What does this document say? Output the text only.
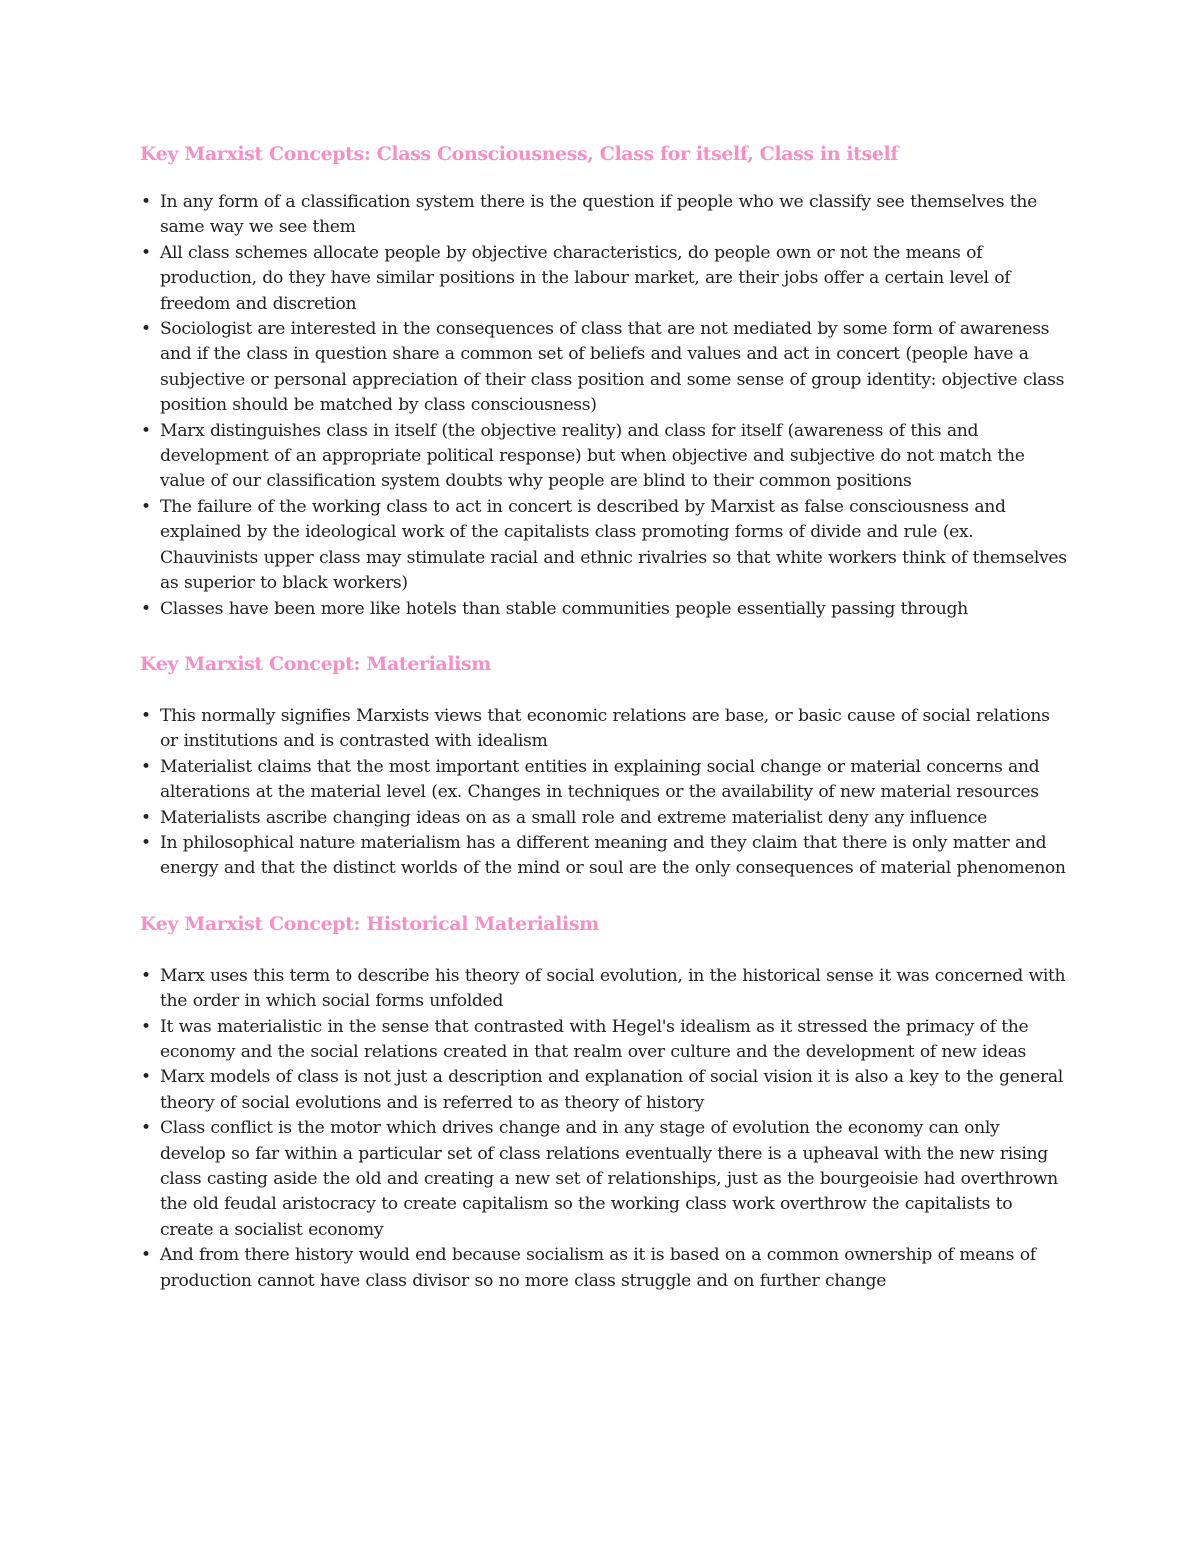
Key Marxist Concepts: Class Consciousness, Class for itself, Class in itself
• In any form of a classification system there is the question if people who we classify see themselves the same way we see them
• All class schemes allocate people by objective characteristics, do people own or not the means of production, do they have similar positions in the labour market, are their jobs offer a certain level of freedom and discretion
• Sociologist are interested in the consequences of class that are not mediated by some form of awareness and if the class in question share a common set of beliefs and values and act in concert (people have a subjective or personal appreciation of their class position and some sense of group identity: objective class position should be matched by class consciousness)
• Marx distinguishes class in itself (the objective reality) and class for itself (awareness of this and development of an appropriate political response) but when objective and subjective do not match the value of our classification system doubts why people are blind to their common positions
• The failure of the working class to act in concert is described by Marxist as false consciousness and explained by the ideological work of the capitalists class promoting forms of divide and rule (ex. Chauvinists upper class may stimulate racial and ethnic rivalries so that white workers think of themselves as superior to black workers)
• Classes have been more like hotels than stable communities people essentially passing through
Key Marxist Concept: Materialism
• This normally signifies Marxists views that economic relations are base, or basic cause of social relations or institutions and is contrasted with idealism
• Materialist claims that the most important entities in explaining social change or material concerns and alterations at the material level (ex. Changes in techniques or the availability of new material resources
• Materialists ascribe changing ideas on as a small role and extreme materialist deny any influence
• In philosophical nature materialism has a different meaning and they claim that there is only matter and energy and that the distinct worlds of the mind or soul are the only consequences of material phenomenon
Key Marxist Concept: Historical Materialism
• Marx uses this term to describe his theory of social evolution, in the historical sense it was concerned with the order in which social forms unfolded
• It was materialistic in the sense that contrasted with Hegel's idealism as it stressed the primacy of the economy and the social relations created in that realm over culture and the development of new ideas
• Marx models of class is not just a description and explanation of social vision it is also a key to the general theory of social evolutions and is referred to as theory of history
• Class conflict is the motor which drives change and in any stage of evolution the economy can only develop so far within a particular set of class relations eventually there is a upheaval with the new rising class casting aside the old and creating a new set of relationships, just as the bourgeoisie had overthrown the old feudal aristocracy to create capitalism so the working class work overthrow the capitalists to create a socialist economy
• And from there history would end because socialism as it is based on a common ownership of means of production cannot have class divisor so no more class struggle and on further change
